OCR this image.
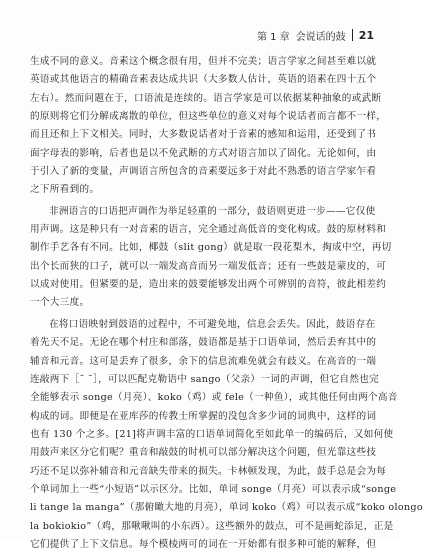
第 1 章 会说话的鼓 21
生成不同的意义。音素这个概念很有用，但并不完美；语言学家之间甚至难以就
英语或其他语言的精确音素表达成共识（大多数人估计，英语的语素在四十五个
左右）。然而问题在于，口语流是连续的。语言学家是可以依据某种抽象的或武断
的原则将它们分解成离散的单位，但这些单位的意义对每个说话者而言都不一样，
而且还和上下文相关。同时，大多数说话者对于音素的感知和运用，还受到了书
面字母表的影响，后者也是以不免武断的方式对语言加以了固化。无论如何，由
于引入了新的变量，声调语言所包含的音素要远多于对此不熟悉的语言学家乍看
之下所看到的。
非洲语言的口语把声调作为举足轻重的一部分，鼓语则更进一步——它仅使
用声调。这是种只有一对音素的语言，完全通过高低音的变化构成。鼓的原材料和
制作手艺各有不同。比如，椰鼓（slit gong）就是取一段花梨木，掏成中空，再切
出个长而狭的口子，就可以一端发高音而另一端发低音；还有一些鼓是蒙皮的，可
以成对使用。但紧要的是，造出来的鼓要能够发出两个可辨别的音符，彼此相差约
一个大三度。
在将口语映射到鼓语的过程中，不可避免地，信息会丢失。因此，鼓语存在
着先天不足。无论在哪个村庄和部落，鼓语都是基于口语单词，然后丢弃其中的
辅音和元音。这可是丢弃了很多，余下的信息流难免就会有歧义。在高音的一端
连敲两下［ˉ ˉ］，可以匹配克勒语中 sango（父亲）一词的声调，但它自然也完
全能够表示 songe（月亮）、koko（鸡）或 fele（一种鱼），或其他任何由两个高音
构成的词。即便是在亚库莎的传教士所掌握的没包含多少词的词典中，这样的词
也有 130 个之多。[21]将声调丰富的口语单词简化至如此单一的编码后，又如何使
用鼓声来区分它们呢？重音和敲鼓的时机可以部分解决这个问题，但光靠这些技
巧还不足以弥补辅音和元音缺失带来的损失。卡林顿发现，为此，鼓手总是会为每
个单词加上一些“小短语”以示区分。比如，单词 songe（月亮）可以表示成“songe
li tange la manga”（那俯瞰大地的月亮），单词 koko（鸡）可以表示成“koko olongo
la bokiokio”（鸡，那啾啾叫的小东西）。这些额外的鼓点，可不是画蛇添足，正是
它们提供了上下文信息。每个模棱两可的词在一开始都有很多种可能的解释，但
